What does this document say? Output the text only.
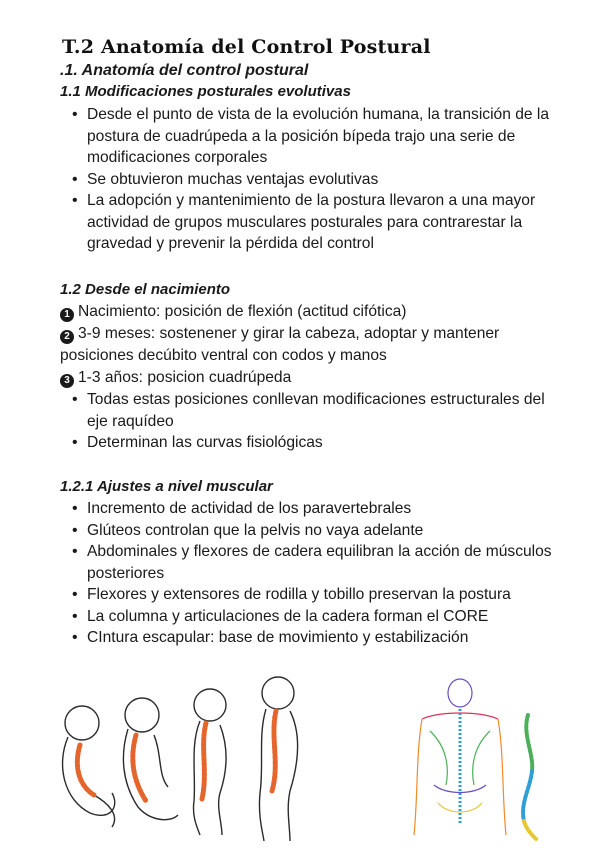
T.2 Anatomía del Control Postural
.1. Anatomía del control postural
1.1 Modificaciones posturales evolutivas
• Desde el punto de vista de la evolución humana, la transición de la postura de cuadrúpeda a la posición bípeda trajo una serie de modificaciones corporales
• Se obtuvieron muchas ventajas evolutivas
• La adopción y mantenimiento de la postura llevaron a una mayor actividad de grupos musculares posturales para contrarestar la gravedad y prevenir la pérdida del control
1.2 Desde el nacimiento

1 Nacimiento: posición de flexión (actitud cifótica)

2 3-9 meses: sostenener y girar la cabeza, adoptar y mantener posiciones decúbito ventral con codos y manos

3 1-3 años: posicion cuadrúpeda

• Todas estas posiciones conllevan modificaciones estructurales del eje raquídeo
• Determinan las curvas fisiológicas
1.2.1 Ajustes a nivel muscular
• Incremento de actividad de los paravertebrales
• Glúteos controlan que la pelvis no vaya adelante
• Abdominales y flexores de cadera equilibran la acción de músculos posteriores
• Flexores y extensores de rodilla y tobillo preservan la postura
• La columna y articulaciones de la cadera forman el CORE
• CIntura escapular: base de movimiento y estabilización
